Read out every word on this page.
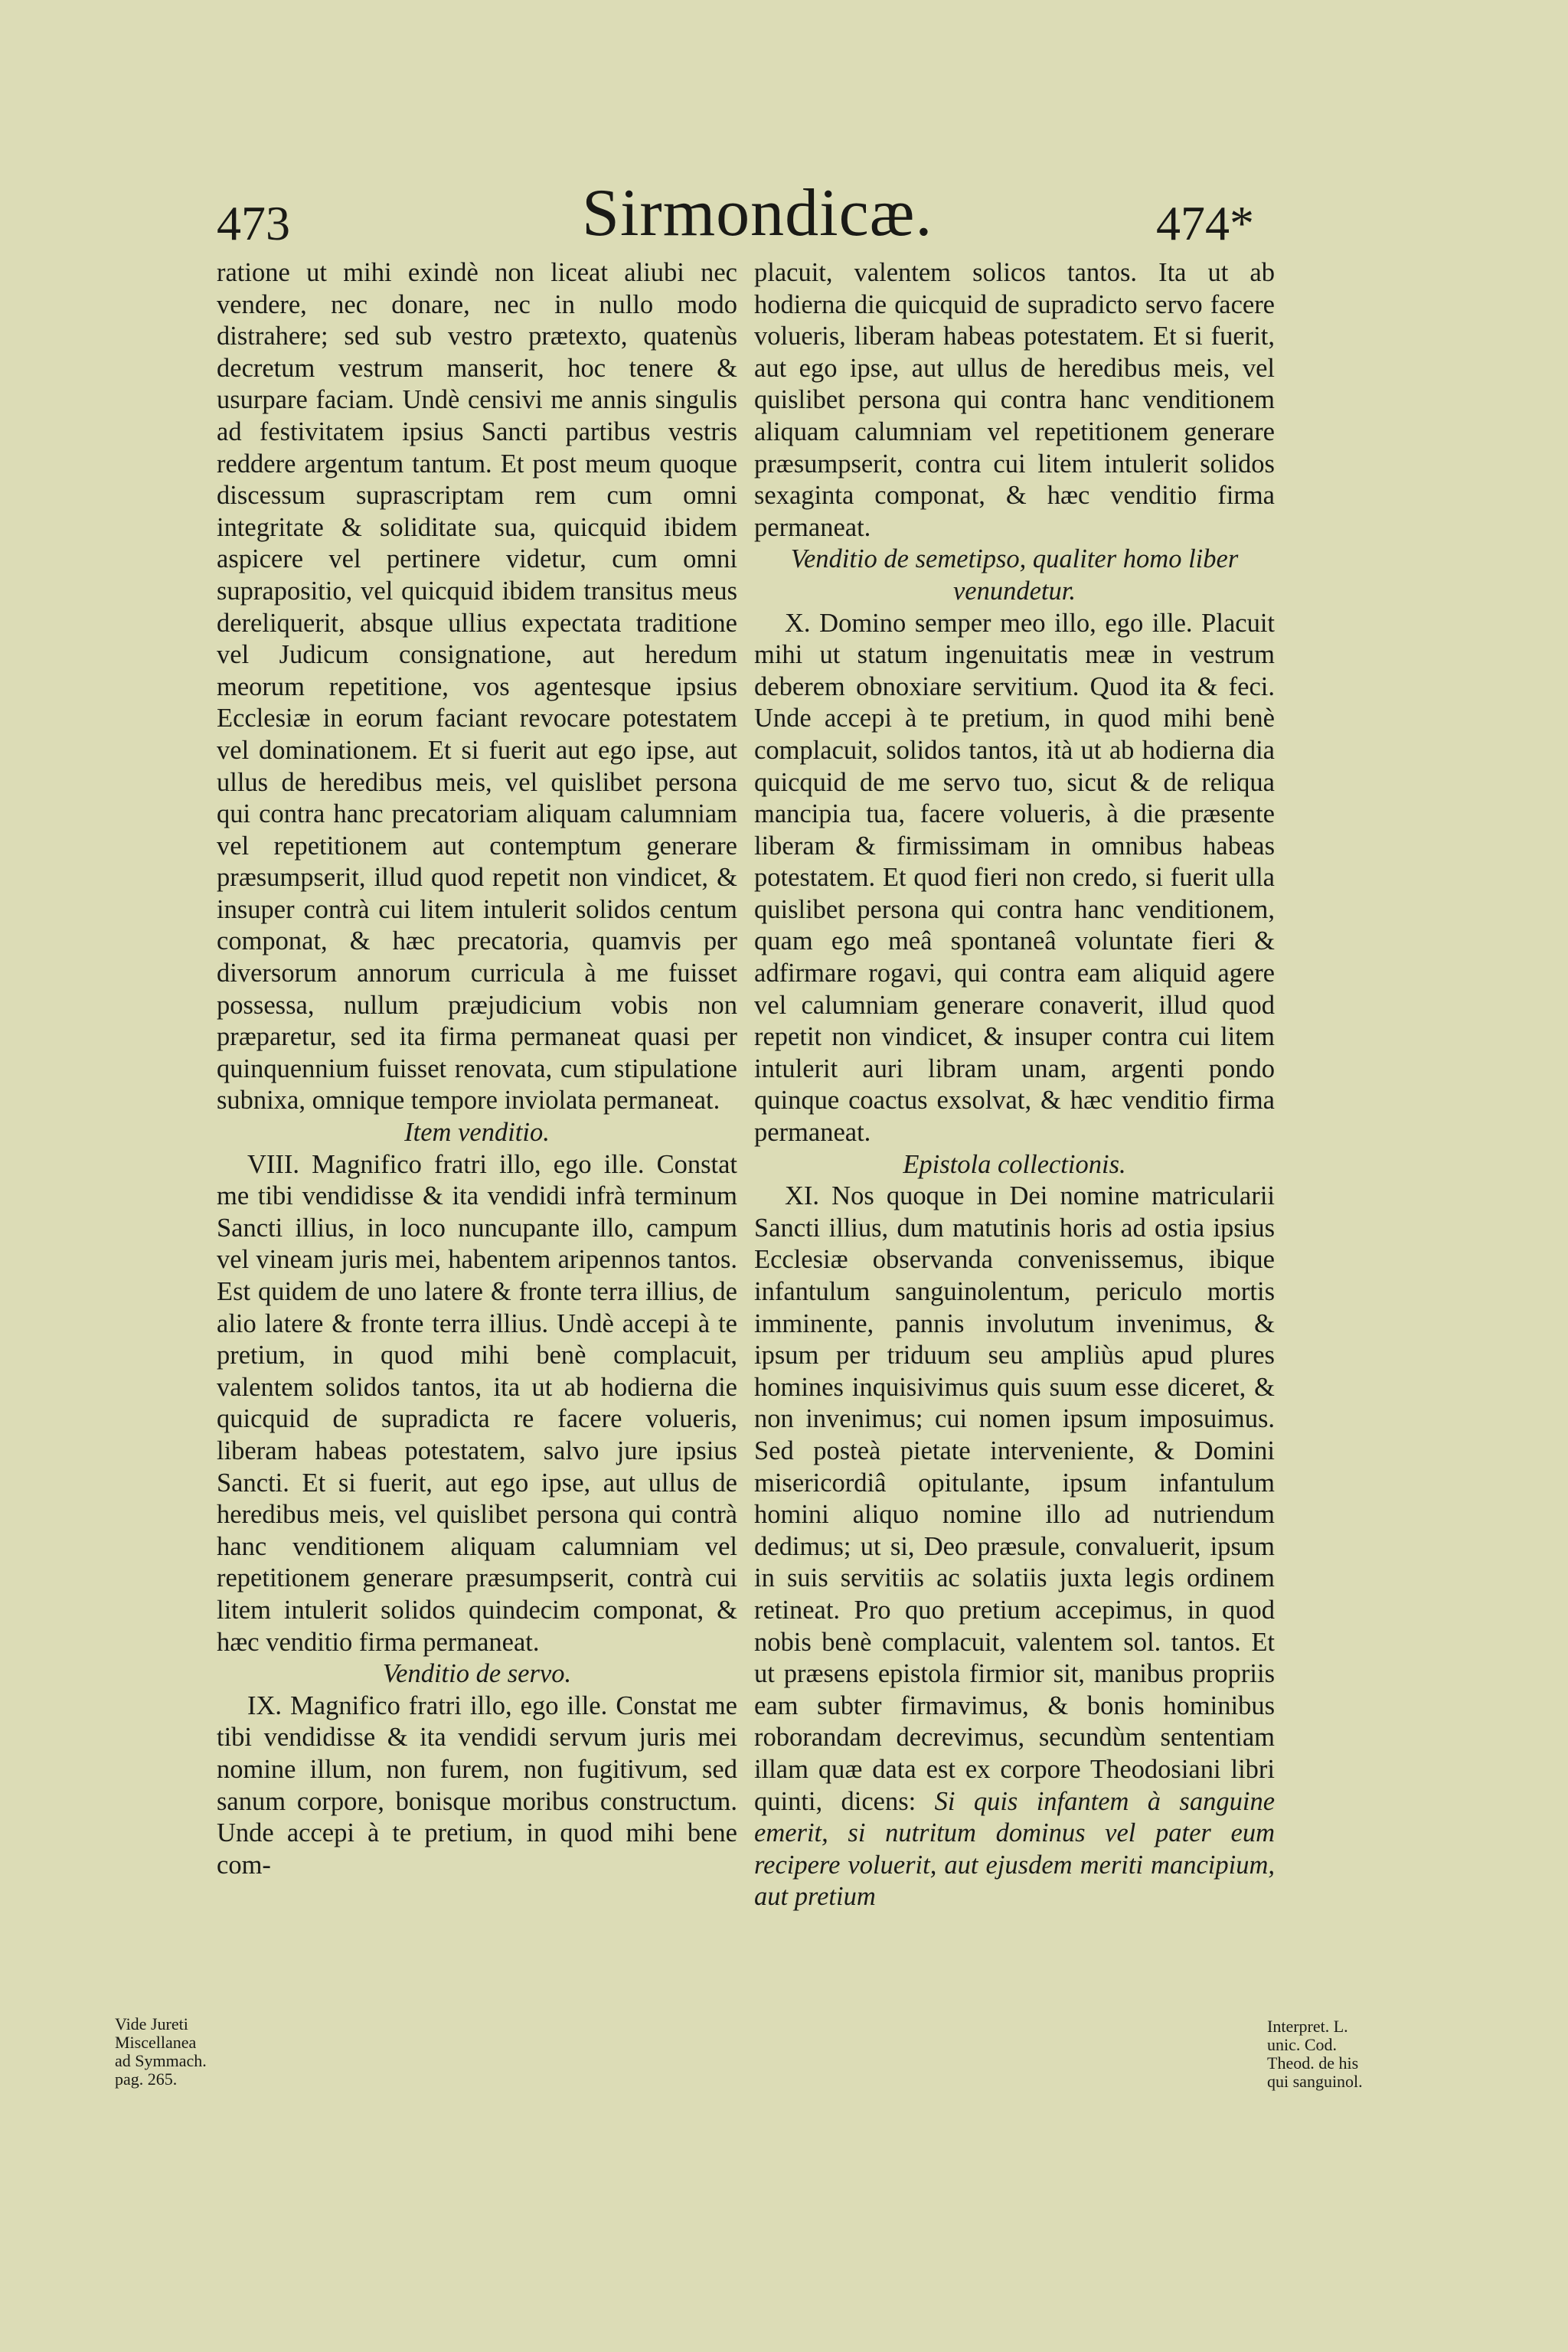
473	Sirmondicæ.	474*

ratione ut mihi exindè non liceat aliubi nec vendere, nec donare, nec in nullo modo distrahere; sed sub vestro prætexto, quatenùs decretum vestrum manserit, hoc tenere & usurpare faciam. Undè censivi me annis singulis ad festivitatem ipsius Sancti partibus vestris reddere argentum tantum. Et post meum quoque discessum suprascriptam rem cum omni integritate & soliditate sua, quicquid ibidem aspicere vel pertinere videtur, cum omni suprapositio, vel quicquid ibidem transitus meus dereliquerit, absque ullius expectata traditione vel Judicum consignatione, aut heredum meorum repetitione, vos agentesque ipsius Ecclesiæ in eorum faciant revocare potestatem vel dominationem. Et si fuerit aut ego ipse, aut ullus de heredibus meis, vel quislibet persona qui contra hanc precatoriam aliquam calumniam vel repetitionem aut contemptum generare præsumpserit, illud quod repetit non vindicet, & insuper contrà cui litem intulerit solidos centum componat, & hæc precatoria, quamvis per diversorum annorum curricula à me fuisset possessa, nullum præjudicium vobis non præparetur, sed ita firma permaneat quasi per quinquennium fuisset renovata, cum stipulatione subnixa, omnique tempore inviolata permaneat.

Item venditio.

VIII. Magnifico fratri illo, ego ille. Constat me tibi vendidisse & ita vendidi infrà terminum Sancti illius, in loco nuncupante illo, campum vel vineam juris mei, habentem aripennos tantos. Est quidem de uno latere & fronte terra illius, de alio latere & fronte terra illius. Undè accepi à te pretium, in quod mihi benè complacuit, valentem solidos tantos, ita ut ab hodierna die quicquid de supradicta re facere volueris, liberam habeas potestatem, salvo jure ipsius Sancti. Et si fuerit, aut ego ipse, aut ullus de heredibus meis, vel quislibet persona qui contrà hanc venditionem aliquam calumniam vel repetitionem generare præsumpserit, contrà cui litem intulerit solidos quindecim componat, & hæc venditio firma permaneat.

Venditio de servo.

IX. Magnifico fratri illo, ego ille. Constat me tibi vendidisse & ita vendidi servum juris mei nomine illum, non furem, non fugitivum, sed sanum corpore, bonisque moribus constructum. Unde accepi à te pretium, in quod mihi bene com-

placuit, valentem solicos tantos. Ita ut ab hodierna die quicquid de supradicto servo facere volueris, liberam habeas potestatem. Et si fuerit, aut ego ipse, aut ullus de heredibus meis, vel quislibet persona qui contra hanc venditionem aliquam calumniam vel repetitionem generare præsumpserit, contra cui litem intulerit solidos sexaginta componat, & hæc venditio firma permaneat.

Venditio de semetipso, qualiter homo liber venundetur.

X. Domino semper meo illo, ego ille. Placuit mihi ut statum ingenuitatis meæ in vestrum deberem obnoxiare servitium. Quod ita & feci. Unde accepi à te pretium, in quod mihi benè complacuit, solidos tantos, ità ut ab hodierna dia quicquid de me servo tuo, sicut & de reliqua mancipia tua, facere volueris, à die præsente liberam & firmissimam in omnibus habeas potestatem. Et quod fieri non credo, si fuerit ulla quislibet persona qui contra hanc venditionem, quam ego meâ spontaneâ voluntate fieri & adfirmare rogavi, qui contra eam aliquid agere vel calumniam generare conaverit, illud quod repetit non vindicet, & insuper contra cui litem intulerit auri libram unam, argenti pondo quinque coactus exsolvat, & hæc venditio firma permaneat.

Epistola collectionis.

XI. Nos quoque in Dei nomine matricularii Sancti illius, dum matutinis horis ad ostia ipsius Ecclesiæ observanda convenissemus, ibique infantulum sanguinolentum, periculo mortis imminente, pannis involutum invenimus, & ipsum per triduum seu ampliùs apud plures homines inquisivimus quis suum esse diceret, & non invenimus; cui nomen ipsum imposuimus. Sed posteà pietate interveniente, & Domini misericordiâ opitulante, ipsum infantulum homini aliquo nomine illo ad nutriendum dedimus; ut si, Deo præsule, convaluerit, ipsum in suis servitiis ac solatiis juxta legis ordinem retineat. Pro quo pretium accepimus, in quod nobis benè complacuit, valentem sol. tantos. Et ut præsens epistola firmior sit, manibus propriis eam subter firmavimus, & bonis hominibus roborandam decrevimus, secundùm sententiam illam quæ data est ex corpore Theodosiani libri quinti, dicens: Si quis infantem à sanguine emerit, si nutritum dominus vel pater eum recipere voluerit, aut ejusdem meriti mancipium, aut pretium

Vide Jureti Miscellanea ad Symmach. pag. 265.
Interpret. L. unic. Cod. Theod. de his qui sanguinol.
